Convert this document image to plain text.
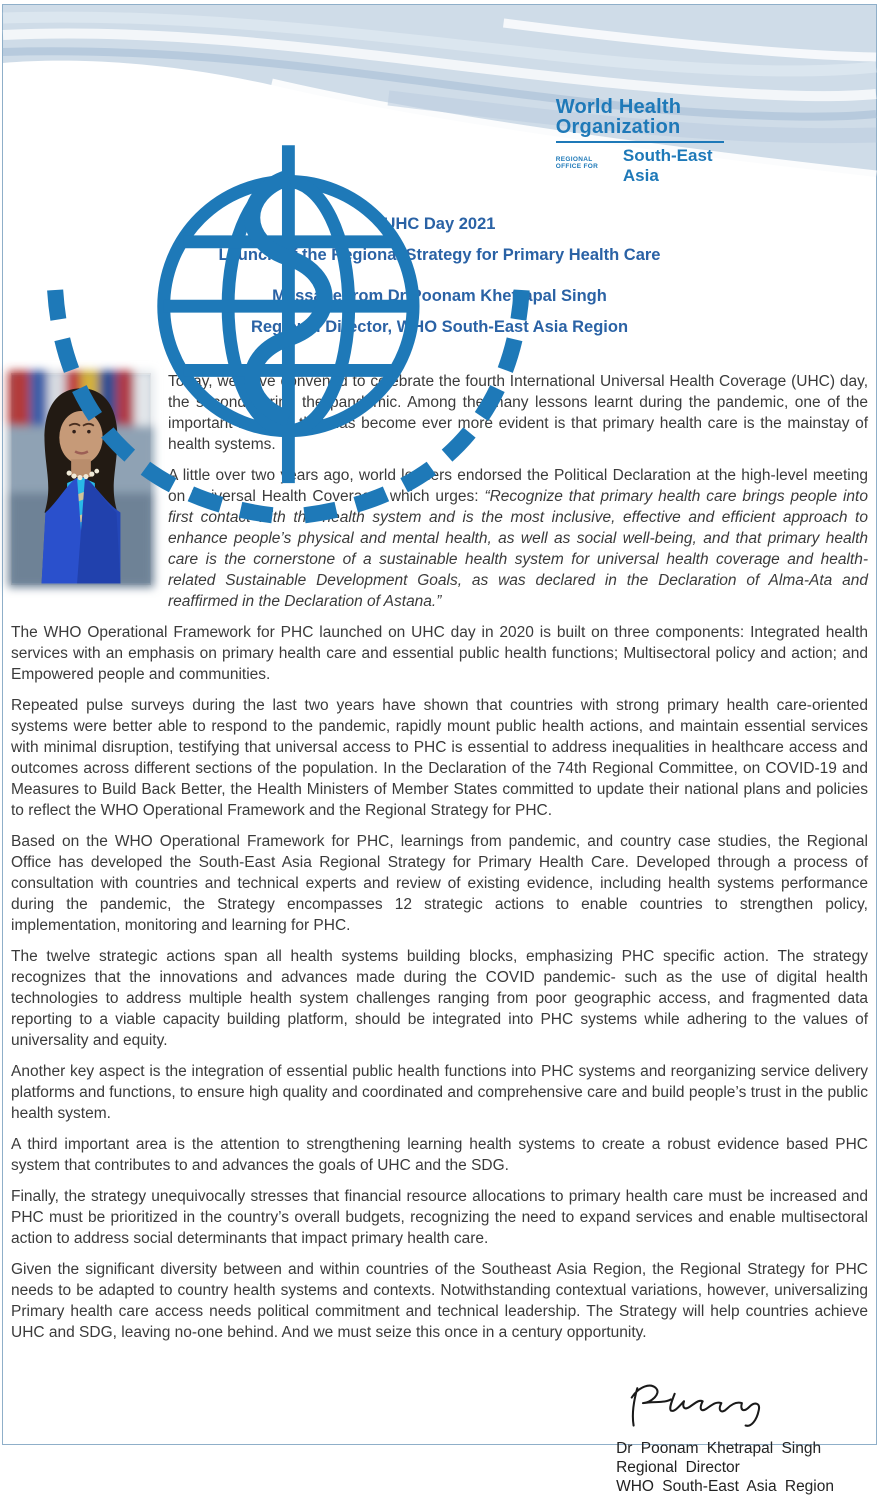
World Health
Organization
REGIONAL OFFICE FOR
South-East Asia
UHC Day 2021
Launch of the Regional Strategy for Primary Health Care
Message from Dr Poonam Khetrapal Singh
Regional Director, WHO South-East Asia Region

Today, we have convened to celebrate the fourth International Universal Health Coverage (UHC) day, the second during the pandemic. Among the many lessons learnt during the pandemic, one of the important learning that has become ever more evident is that primary health care is the mainstay of health systems.

A little over two years ago, world leaders endorsed the Political Declaration at the high-level meeting on Universal Health Coverage, which urges: “Recognize that primary health care brings people into first contact with the health system and is the most inclusive, effective and efficient approach to enhance people’s physical and mental health, as well as social well-being, and that primary health care is the cornerstone of a sustainable health system for universal health coverage and health-related Sustainable Development Goals, as was declared in the Declaration of Alma-Ata and reaffirmed in the Declaration of Astana.”

The WHO Operational Framework for PHC launched on UHC day in 2020 is built on three components: Integrated health services with an emphasis on primary health care and essential public health functions; Multisectoral policy and action; and Empowered people and communities.

Repeated pulse surveys during the last two years have shown that countries with strong primary health care-oriented systems were better able to respond to the pandemic, rapidly mount public health actions, and maintain essential services with minimal disruption, testifying that universal access to PHC is essential to address inequalities in healthcare access and outcomes across different sections of the population. In the Declaration of the 74th Regional Committee, on COVID-19 and Measures to Build Back Better, the Health Ministers of Member States committed to update their national plans and policies to reflect the WHO Operational Framework and the Regional Strategy for PHC.

Based on the WHO Operational Framework for PHC, learnings from pandemic, and country case studies, the Regional Office has developed the South-East Asia Regional Strategy for Primary Health Care. Developed through a process of consultation with countries and technical experts and review of existing evidence, including health systems performance during the pandemic, the Strategy encompasses 12 strategic actions to enable countries to strengthen policy, implementation, monitoring and learning for PHC.

The twelve strategic actions span all health systems building blocks, emphasizing PHC specific action. The strategy recognizes that the innovations and advances made during the COVID pandemic- such as the use of digital health technologies to address multiple health system challenges ranging from poor geographic access, and fragmented data reporting to a viable capacity building platform, should be integrated into PHC systems while adhering to the values of universality and equity.

Another key aspect is the integration of essential public health functions into PHC systems and reorganizing service delivery platforms and functions, to ensure high quality and coordinated and comprehensive care and build people’s trust in the public health system.

A third important area is the attention to strengthening learning health systems to create a robust evidence based PHC system that contributes to and advances the goals of UHC and the SDG.

Finally, the strategy unequivocally stresses that financial resource allocations to primary health care must be increased and PHC must be prioritized in the country’s overall budgets, recognizing the need to expand services and enable multisectoral action to address social determinants that impact primary health care.

Given the significant diversity between and within countries of the Southeast Asia Region, the Regional Strategy for PHC needs to be adapted to country health systems and contexts. Notwithstanding contextual variations, however, universalizing Primary health care access needs political commitment and technical leadership. The Strategy will help countries achieve UHC and SDG, leaving no-one behind. And we must seize this once in a century opportunity.

Dr Poonam Khetrapal Singh
Regional Director
WHO South-East Asia Region
